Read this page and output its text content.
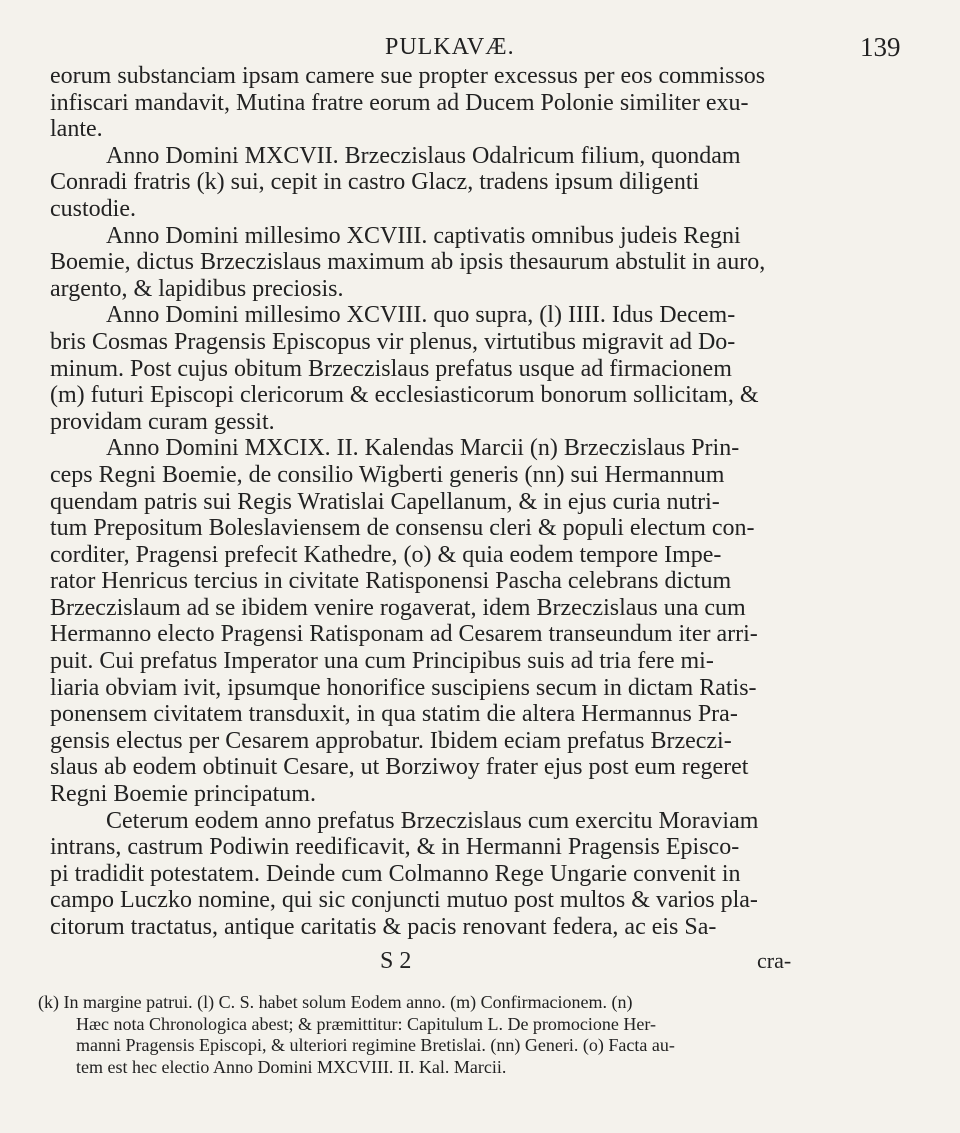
PULKAVÆ.	139
eorum substanciam ipsam camere sue propter excessus per eos commissos
infiscari mandavit, Mutina fratre eorum ad Ducem Polonie similiter exu-
lante.
Anno Domini MXCVII. Brzeczislaus Odalricum filium, quondam
Conradi fratris (k) sui, cepit in castro Glacz, tradens ipsum diligenti
custodie.
Anno Domini millesimo XCVIII. captivatis omnibus judeis Regni
Boemie, dictus Brzeczislaus maximum ab ipsis thesaurum abstulit in auro,
argento, & lapidibus preciosis.
Anno Domini millesimo XCVIII. quo supra, (l) IIII. Idus Decem-
bris Cosmas Pragensis Episcopus vir plenus, virtutibus migravit ad Do-
minum. Post cujus obitum Brzeczislaus prefatus usque ad firmacionem
(m) futuri Episcopi clericorum & ecclesiasticorum bonorum sollicitam, &
providam curam gessit.
Anno Domini MXCIX. II. Kalendas Marcii (n) Brzeczislaus Prin-
ceps Regni Boemie, de consilio Wigberti generis (nn) sui Hermannum
quendam patris sui Regis Wratislai Capellanum, & in ejus curia nutri-
tum Prepositum Boleslaviensem de consensu cleri & populi electum con-
corditer, Pragensi prefecit Kathedre, (o) & quia eodem tempore Impe-
rator Henricus tercius in civitate Ratisponensi Pascha celebrans dictum
Brzeczislaum ad se ibidem venire rogaverat, idem Brzeczislaus una cum
Hermanno electo Pragensi Ratisponam ad Cesarem transeundum iter arri-
puit. Cui prefatus Imperator una cum Principibus suis ad tria fere mi-
liaria obviam ivit, ipsumque honorifice suscipiens secum in dictam Ratis-
ponensem civitatem transduxit, in qua statim die altera Hermannus Pra-
gensis electus per Cesarem approbatur. Ibidem eciam prefatus Brzeczi-
slaus ab eodem obtinuit Cesare, ut Borziwoy frater ejus post eum regeret
Regni Boemie principatum.
Ceterum eodem anno prefatus Brzeczislaus cum exercitu Moraviam
intrans, castrum Podiwin reedificavit, & in Hermanni Pragensis Episco-
pi tradidit potestatem. Deinde cum Colmanno Rege Ungarie convenit in
campo Luczko nomine, qui sic conjuncti mutuo post multos & varios pla-
citorum tractatus, antique caritatis & pacis renovant federa, ac eis Sa-
S 2	cra-
(k) In margine patrui. (l) C. S. habet solum Eodem anno. (m) Confirmacionem. (n)
Hæc nota Chronologica abest; & præmittitur: Capitulum L. De promocione Her-
manni Pragensis Episcopi, & ulteriori regimine Bretislai. (nn) Generi. (o) Facta au-
tem est hec electio Anno Domini MXCVIII. II. Kal. Marcii.
